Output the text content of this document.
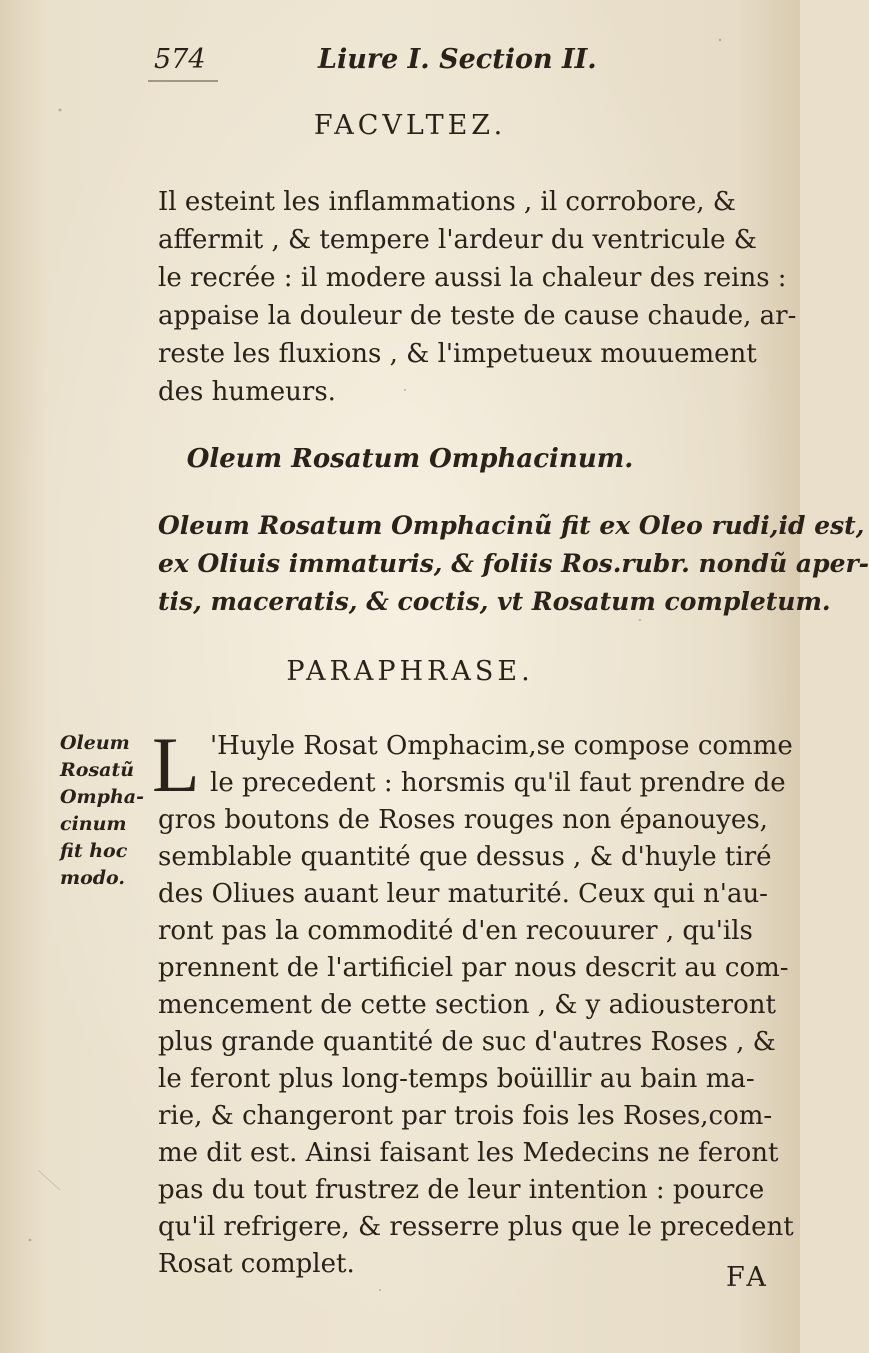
574	Liure I. Section II.
FACVLTEZ.
Il esteint les inflammations , il corrobore, &
affermit , & tempere l'ardeur du ventricule &
le recrée : il modere aussi la chaleur des reins :
appaise la douleur de teste de cause chaude, ar-
reste les fluxions , & l'impetueux mouuement
des humeurs.
Oleum Rosatum Omphacinum.
Oleum Rosatum Omphacinũ fit ex Oleo rudi,id est,
ex Oliuis immaturis, & foliis Ros.rubr. nondũ aper-
tis, maceratis, & coctis, vt Rosatum completum.
PARAPHRASE.
L 'Huyle Rosat Omphacim,se compose comme
le precedent : horsmis qu'il faut prendre de
gros boutons de Roses rouges non épanouyes,
semblable quantité que dessus , & d'huyle tiré
des Oliues auant leur maturité. Ceux qui n'au-
ront pas la commodité d'en recouurer , qu'ils
prennent de l'artificiel par nous descrit au com-
mencement de cette section , & y adiousteront
plus grande quantité de suc d'autres Roses , &
le feront plus long-temps boüillir au bain ma-
rie, & changeront par trois fois les Roses,com-
me dit est. Ainsi faisant les Medecins ne feront
pas du tout frustrez de leur intention : pource
qu'il refrigere, & resserre plus que le precedent
Rosat complet.
Oleum
Rosatũ
Ompha-
cinum
fit hoc
modo.
FA
